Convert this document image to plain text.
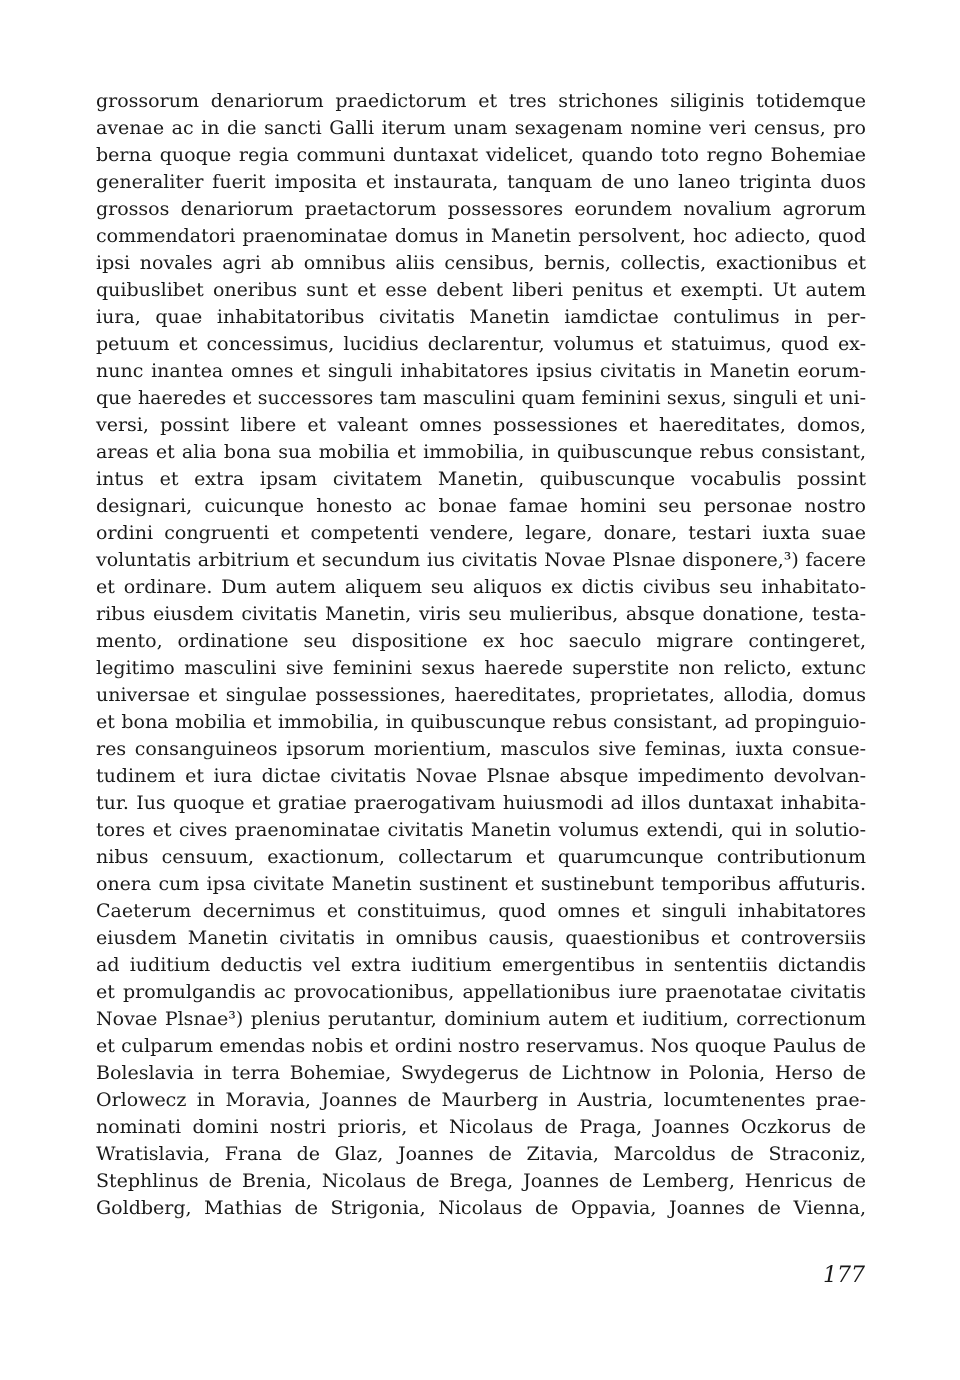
grossorum denariorum praedictorum et tres strichones siliginis totidemque
avenae ac in die sancti Galli iterum unam sexagenam nomine veri census, pro
berna quoque regia communi duntaxat videlicet, quando toto regno Bohemiae
generaliter fuerit imposita et instaurata, tanquam de uno laneo triginta duos
grossos denariorum praetactorum possessores eorundem novalium agrorum
commendatori praenominatae domus in Manetin persolvent, hoc adiecto, quod
ipsi novales agri ab omnibus aliis censibus, bernis, collectis, exactionibus et
quibuslibet oneribus sunt et esse debent liberi penitus et exempti. Ut autem
iura, quae inhabitatoribus civitatis Manetin iamdictae contulimus in per-
petuum et concessimus, lucidius declarentur, volumus et statuimus, quod ex-
nunc inantea omnes et singuli inhabitatores ipsius civitatis in Manetin eorum-
que haeredes et successores tam masculini quam feminini sexus, singuli et uni-
versi, possint libere et valeant omnes possessiones et haereditates, domos,
areas et alia bona sua mobilia et immobilia, in quibuscunque rebus consistant,
intus et extra ipsam civitatem Manetin, quibuscunque vocabulis possint
designari, cuicunque honesto ac bonae famae homini seu personae nostro
ordini congruenti et competenti vendere, legare, donare, testari iuxta suae
voluntatis arbitrium et secundum ius civitatis Novae Plsnae disponere,³) facere
et ordinare. Dum autem aliquem seu aliquos ex dictis civibus seu inhabitato-
ribus eiusdem civitatis Manetin, viris seu mulieribus, absque donatione, testa-
mento, ordinatione seu dispositione ex hoc saeculo migrare contingeret,
legitimo masculini sive feminini sexus haerede superstite non relicto, extunc
universae et singulae possessiones, haereditates, proprietates, allodia, domus
et bona mobilia et immobilia, in quibuscunque rebus consistant, ad propinguio-
res consanguineos ipsorum morientium, masculos sive feminas, iuxta consue-
tudinem et iura dictae civitatis Novae Plsnae absque impedimento devolvan-
tur. Ius quoque et gratiae praerogativam huiusmodi ad illos duntaxat inhabita-
tores et cives praenominatae civitatis Manetin volumus extendi, qui in solutio-
nibus censuum, exactionum, collectarum et quarumcunque contributionum
onera cum ipsa civitate Manetin sustinent et sustinebunt temporibus affuturis.
Caeterum decernimus et constituimus, quod omnes et singuli inhabitatores
eiusdem Manetin civitatis in omnibus causis, quaestionibus et controversiis
ad iuditium deductis vel extra iuditium emergentibus in sententiis dictandis
et promulgandis ac provocationibus, appellationibus iure praenotatae civitatis
Novae Plsnae³) plenius perutantur, dominium autem et iuditium, correctionum
et culparum emendas nobis et ordini nostro reservamus. Nos quoque Paulus de
Boleslavia in terra Bohemiae, Swydegerus de Lichtnow in Polonia, Herso de
Orlowecz in Moravia, Joannes de Maurberg in Austria, locumtenentes prae-
nominati domini nostri prioris, et Nicolaus de Praga, Joannes Oczkorus de
Wratislavia, Frana de Glaz, Joannes de Zitavia, Marcoldus de Straconiz,
Stephlinus de Brenia, Nicolaus de Brega, Joannes de Lemberg, Henricus de
Goldberg, Mathias de Strigonia, Nicolaus de Oppavia, Joannes de Vienna,
177
